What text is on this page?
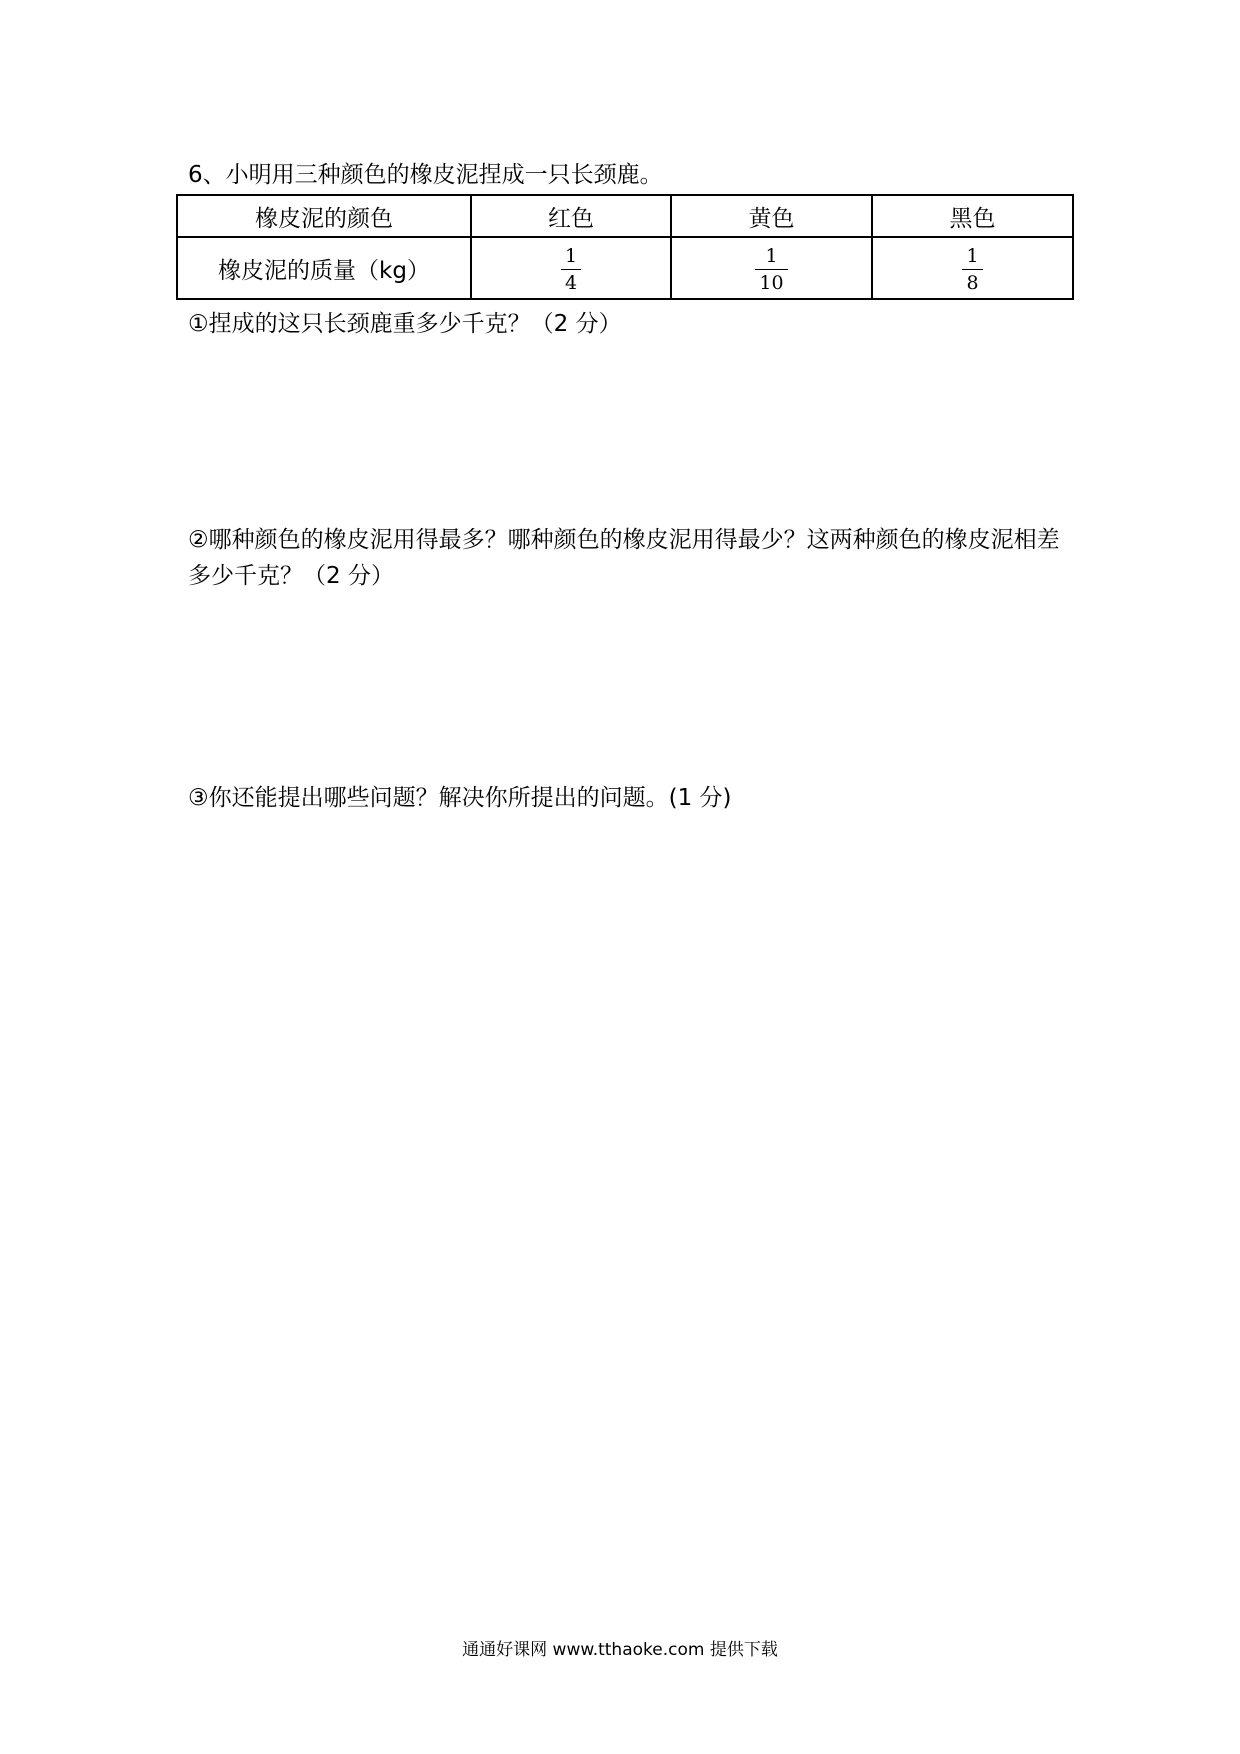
6、小明用三种颜色的橡皮泥捏成一只长颈鹿。
橡皮泥的颜色	红色	黄色	黑色
橡皮泥的质量（kg）	$\frac{1}{4}$	$\frac{1}{10}$	$\frac{1}{8}$
①捏成的这只长颈鹿重多少千克？（2 分）
②哪种颜色的橡皮泥用得最多？哪种颜色的橡皮泥用得最少？这两种颜色的橡皮泥相差多少千克？（2 分）
③你还能提出哪些问题？解决你所提出的问题。(1 分)
通通好课网 www.tthaoke.com 提供下载
